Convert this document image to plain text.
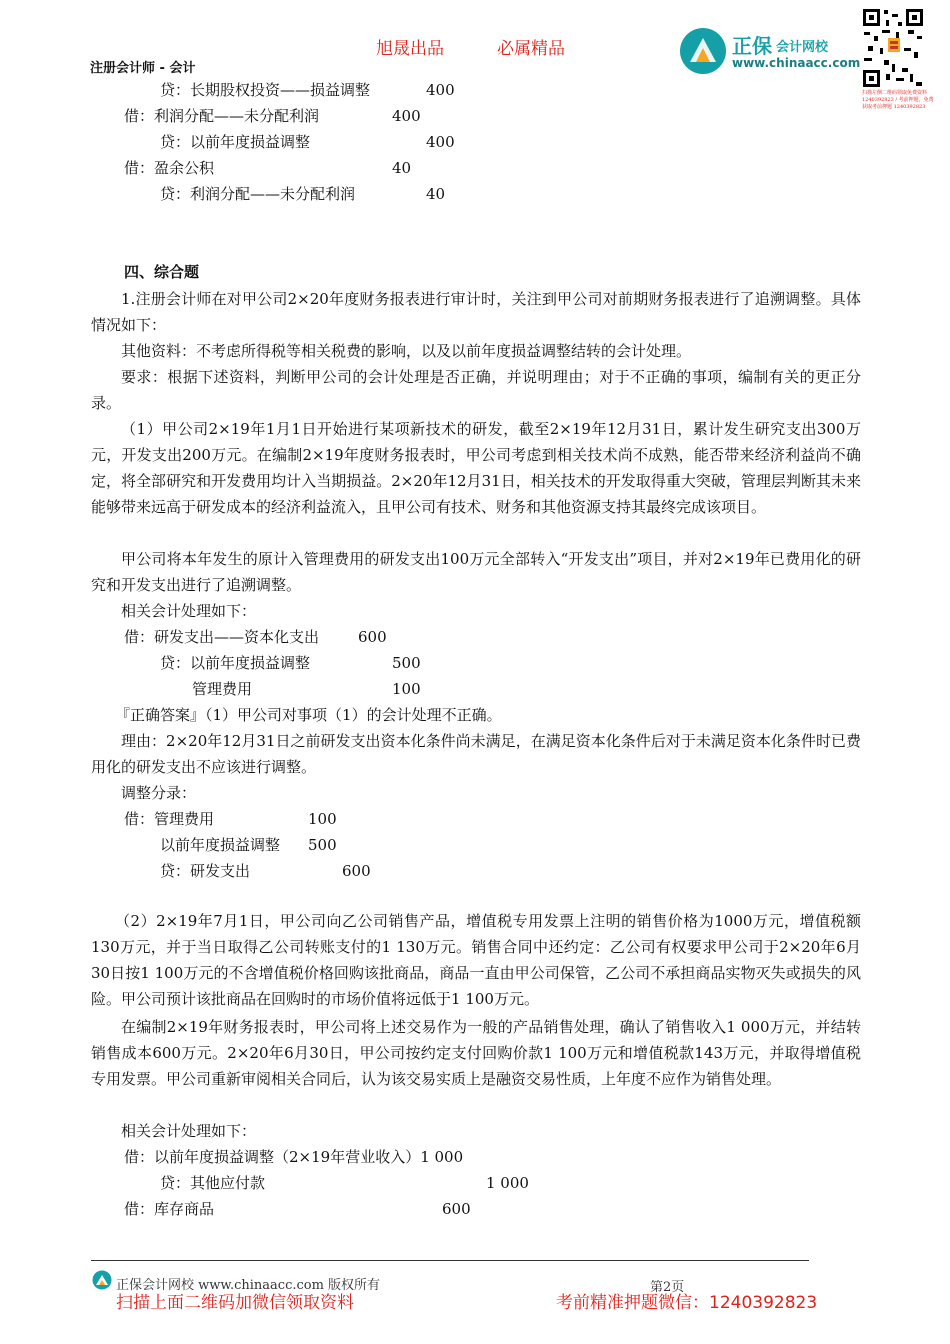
旭晟出品	必属精品
注册会计师 - 会计
正保 会计网校
www.chinaacc.com
扫描左侧二维码领取免费资料 1240392823 / 考前押题，免费获取考前押题 1240392823
贷：长期股权投资——损益调整	400
借：利润分配——未分配利润	400
贷：以前年度损益调整	400
借：盈余公积	40
贷：利润分配——未分配利润	40
四、综合题
1.注册会计师在对甲公司2×20年度财务报表进行审计时，关注到甲公司对前期财务报表进行了追溯调整。具体情况如下：
其他资料：不考虑所得税等相关税费的影响，以及以前年度损益调整结转的会计处理。
要求：根据下述资料，判断甲公司的会计处理是否正确，并说明理由；对于不正确的事项，编制有关的更正分录。
（1）甲公司2×19年1月1日开始进行某项新技术的研发，截至2×19年12月31日，累计发生研究支出300万元，开发支出200万元。在编制2×19年度财务报表时，甲公司考虑到相关技术尚不成熟，能否带来经济利益尚不确定，将全部研究和开发费用均计入当期损益。2×20年12月31日，相关技术的开发取得重大突破，管理层判断其未来能够带来远高于研发成本的经济利益流入，且甲公司有技术、财务和其他资源支持其最终完成该项目。
甲公司将本年发生的原计入管理费用的研发支出100万元全部转入“开发支出”项目，并对2×19年已费用化的研究和开发支出进行了追溯调整。
相关会计处理如下：
借：研发支出——资本化支出	600
贷：以前年度损益调整	500
管理费用	100
『正确答案』（1）甲公司对事项（1）的会计处理不正确。
理由：2×20年12月31日之前研发支出资本化条件尚未满足，在满足资本化条件后对于未满足资本化条件时已费用化的研发支出不应该进行调整。
调整分录：
借：管理费用	100
以前年度损益调整 500
贷：研发支出	600
（2）2×19年7月1日，甲公司向乙公司销售产品，增值税专用发票上注明的销售价格为1000万元，增值税额130万元，并于当日取得乙公司转账支付的1 130万元。销售合同中还约定：乙公司有权要求甲公司于2×20年6月30日按1 100万元的不含增值税价格回购该批商品，商品一直由甲公司保管，乙公司不承担商品实物灭失或损失的风险。甲公司预计该批商品在回购时的市场价值将远低于1 100万元。
在编制2×19年财务报表时，甲公司将上述交易作为一般的产品销售处理，确认了销售收入1 000万元，并结转销售成本600万元。2×20年6月30日，甲公司按约定支付回购价款1 100万元和增值税款143万元，并取得增值税专用发票。甲公司重新审阅相关合同后，认为该交易实质上是融资交易性质，上年度不应作为销售处理。
相关会计处理如下：
借：以前年度损益调整（2×19年营业收入）1 000
贷：其他应付款	1 000
借：库存商品	600
正保会计网校 www.chinaacc.com 版权所有	第2页
扫描上面二维码加微信领取资料	考前精准押题微信：1240392823
